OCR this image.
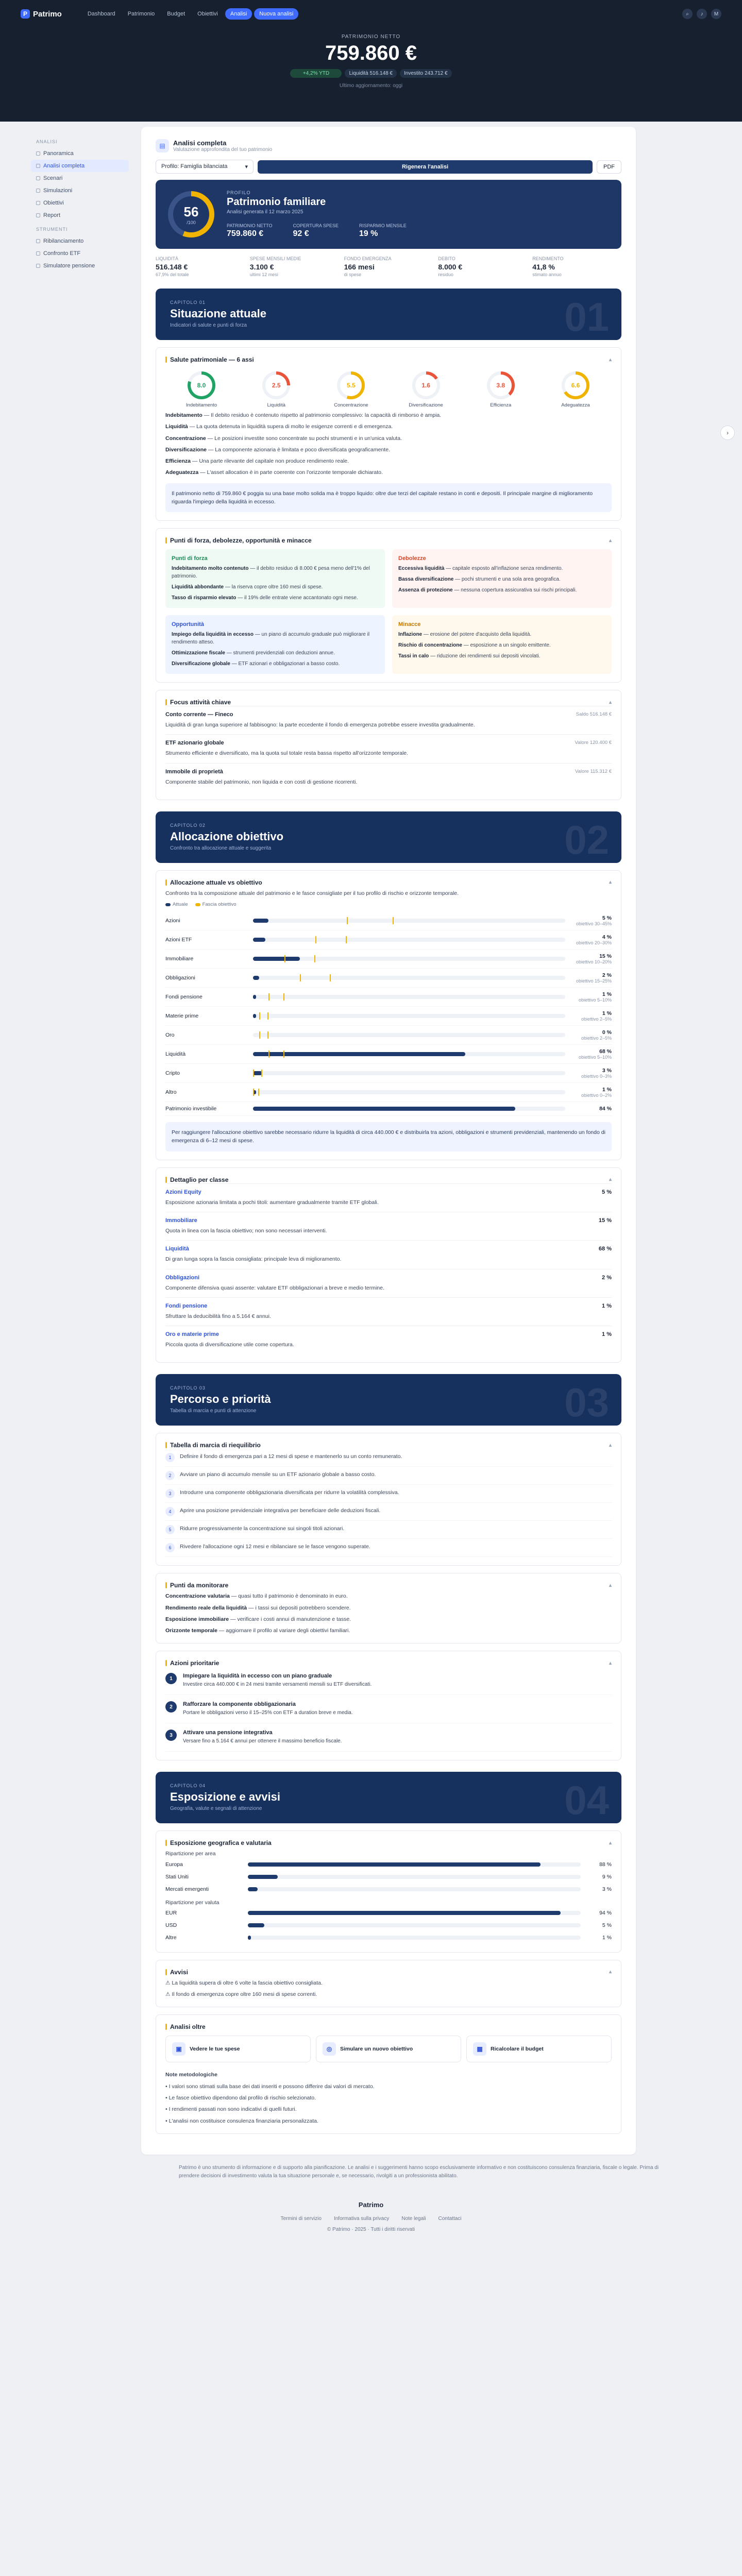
P Patrimo	Dashboard	Patrimonio	Budget	Obiettivi	Analisi	Nuova analisi	⌕	♪	M
PATRIMONIO NETTO
759.860 €
+4,2% YTD	Liquidità 516.148 €	Investito 243.712 €
Ultimo aggiornamento: oggi
ANALISI
Panoramica
Analisi completa
Scenari
Simulazioni
Obiettivi
Report
STRUMENTI
Ribilanciamento
Confronto ETF
Simulatore pensione
▤	Analisi completa
Valutazione approfondita del tuo patrimonio
Profilo: Famiglia bilanciata	▾	Rigenera l'analisi	PDF
56
/100
PROFILO
Patrimonio familiare
Analisi generata il 12 marzo 2025
PATRIMONIO NETTO
759.860 €
COPERTURA SPESE
92 €
RISPARMIO MENSILE
19 %
LIQUIDITÀ
516.148 €
67,9% del totale
SPESE MENSILI MEDIE
3.100 €
ultimi 12 mesi
FONDO EMERGENZA
166 mesi
di spese
DEBITO
8.000 €
residuo
RENDIMENTO
41,8 %
stimato annuo
CAPITOLO 01
Situazione attuale
Indicatori di salute e punti di forza	01
Salute patrimoniale — 6 assi	▴
8.0
Indebitamento
2.5
Liquidità
5.5
Concentrazione
1.6
Diversificazione
3.8
Efficienza
6.6
Adeguatezza
Indebitamento — Il debito residuo è contenuto rispetto al patrimonio complessivo: la capacità di rimborso è ampia.
Liquidità — La quota detenuta in liquidità supera di molto le esigenze correnti e di emergenza.
Concentrazione — Le posizioni investite sono concentrate su pochi strumenti e in un'unica valuta.
Diversificazione — La componente azionaria è limitata e poco diversificata geograficamente.
Efficienza — Una parte rilevante del capitale non produce rendimento reale.
Adeguatezza — L'asset allocation è in parte coerente con l'orizzonte temporale dichiarato.
Il patrimonio netto di 759.860 € poggia su una base molto solida ma è troppo liquido: oltre due terzi del capitale restano in conti e depositi. Il principale margine di miglioramento riguarda l'impiego della liquidità in eccesso.
Punti di forza, debolezze, opportunità e minacce	▴
Punti di forza
Indebitamento molto contenuto — il debito residuo di 8.000 € pesa meno dell'1% del patrimonio.
Liquidità abbondante — la riserva copre oltre 160 mesi di spese.
Tasso di risparmio elevato — il 19% delle entrate viene accantonato ogni mese.
Debolezze
Eccessiva liquidità — capitale esposto all'inflazione senza rendimento.
Bassa diversificazione — pochi strumenti e una sola area geografica.
Assenza di protezione — nessuna copertura assicurativa sui rischi principali.
Opportunità
Impiego della liquidità in eccesso — un piano di accumulo graduale può migliorare il rendimento atteso.
Ottimizzazione fiscale — strumenti previdenziali con deduzioni annue.
Diversificazione globale — ETF azionari e obbligazionari a basso costo.
Minacce
Inflazione — erosione del potere d'acquisto della liquidità.
Rischio di concentrazione — esposizione a un singolo emittente.
Tassi in calo — riduzione dei rendimenti sui depositi vincolati.
Focus attività chiave	▴
Conto corrente — Fineco	Saldo 516.148 €
Liquidità di gran lunga superiore al fabbisogno: la parte eccedente il fondo di emergenza potrebbe essere investita gradualmente.
ETF azionario globale	Valore 120.400 €
Strumento efficiente e diversificato, ma la quota sul totale resta bassa rispetto all'orizzonte temporale.
Immobile di proprietà	Valore 115.312 €
Componente stabile del patrimonio, non liquida e con costi di gestione ricorrenti.
CAPITOLO 02
Allocazione obiettivo
Confronto tra allocazione attuale e suggerita	02
Allocazione attuale vs obiettivo	▴
Confronto tra la composizione attuale del patrimonio e le fasce consigliate per il tuo profilo di rischio e orizzonte temporale.
Attuale	Fascia obiettivo
Azioni	5 %
obiettivo 30–45%
Azioni ETF	4 %
obiettivo 20–30%
Immobiliare	15 %
obiettivo 10–20%
Obbligazioni	2 %
obiettivo 15–25%
Fondi pensione	1 %
obiettivo 5–10%
Materie prime	1 %
obiettivo 2–5%
Oro	0 %
obiettivo 2–5%
Liquidità	68 %
obiettivo 5–10%
Cripto	3 %
obiettivo 0–3%
Altro	1 %
obiettivo 0–2%
Patrimonio investibile	84 %
Per raggiungere l'allocazione obiettivo sarebbe necessario ridurre la liquidità di circa 440.000 € e distribuirla tra azioni, obbligazioni e strumenti previdenziali, mantenendo un fondo di emergenza di 6–12 mesi di spese.
Dettaglio per classe	▴
Azioni Equity	5 %
Esposizione azionaria limitata a pochi titoli: aumentare gradualmente tramite ETF globali.
Immobiliare	15 %
Quota in linea con la fascia obiettivo; non sono necessari interventi.
Liquidità	68 %
Di gran lunga sopra la fascia consigliata: principale leva di miglioramento.
Obbligazioni	2 %
Componente difensiva quasi assente: valutare ETF obbligazionari a breve e medio termine.
Fondi pensione	1 %
Sfruttare la deducibilità fino a 5.164 € annui.
Oro e materie prime	1 %
Piccola quota di diversificazione utile come copertura.
CAPITOLO 03
Percorso e priorità
Tabella di marcia e punti di attenzione	03
Tabella di marcia di riequilibrio	▴
1	Definire il fondo di emergenza pari a 12 mesi di spese e mantenerlo su un conto remunerato.
2	Avviare un piano di accumulo mensile su un ETF azionario globale a basso costo.
3	Introdurre una componente obbligazionaria diversificata per ridurre la volatilità complessiva.
4	Aprire una posizione previdenziale integrativa per beneficiare delle deduzioni fiscali.
5	Ridurre progressivamente la concentrazione sui singoli titoli azionari.
6	Rivedere l'allocazione ogni 12 mesi e ribilanciare se le fasce vengono superate.
Punti da monitorare	▴
Concentrazione valutaria — quasi tutto il patrimonio è denominato in euro.
Rendimento reale della liquidità — i tassi sui depositi potrebbero scendere.
Esposizione immobiliare — verificare i costi annui di manutenzione e tasse.
Orizzonte temporale — aggiornare il profilo al variare degli obiettivi familiari.
Azioni prioritarie	▴
1	Impiegare la liquidità in eccesso con un piano graduale
Investire circa 440.000 € in 24 mesi tramite versamenti mensili su ETF diversificati.
2	Rafforzare la componente obbligazionaria
Portare le obbligazioni verso il 15–25% con ETF a duration breve e media.
3	Attivare una pensione integrativa
Versare fino a 5.164 € annui per ottenere il massimo beneficio fiscale.
CAPITOLO 04
Esposizione e avvisi
Geografia, valute e segnali di attenzione	04
Esposizione geografica e valutaria	▴
Ripartizione per area
Europa	88 %
Stati Uniti	9 %
Mercati emergenti	3 %
Ripartizione per valuta
EUR	94 %
USD	5 %
Altre	1 %
Avvisi	▴
⚠ La liquidità supera di oltre 6 volte la fascia obiettivo consigliata.
⚠ Il fondo di emergenza copre oltre 160 mesi di spese correnti.
Analisi oltre
▣	Vedere le tue spese	◎	Simulare un nuovo obiettivo	▦	Ricalcolare il budget
Note metodologiche
• I valori sono stimati sulla base dei dati inseriti e possono differire dai valori di mercato.
• Le fasce obiettivo dipendono dal profilo di rischio selezionato.
• I rendimenti passati non sono indicativi di quelli futuri.
• L'analisi non costituisce consulenza finanziaria personalizzata.
›
Patrimo è uno strumento di informazione e di supporto alla pianificazione. Le analisi e i suggerimenti hanno scopo esclusivamente informativo e non costituiscono consulenza finanziaria, fiscale o legale. Prima di prendere decisioni di investimento valuta la tua situazione personale e, se necessario, rivolgiti a un professionista abilitato.
Patrimo
Termini di servizio Informativa sulla privacy Note legali Contattaci
© Patrimo · 2025 · Tutti i diritti riservati
